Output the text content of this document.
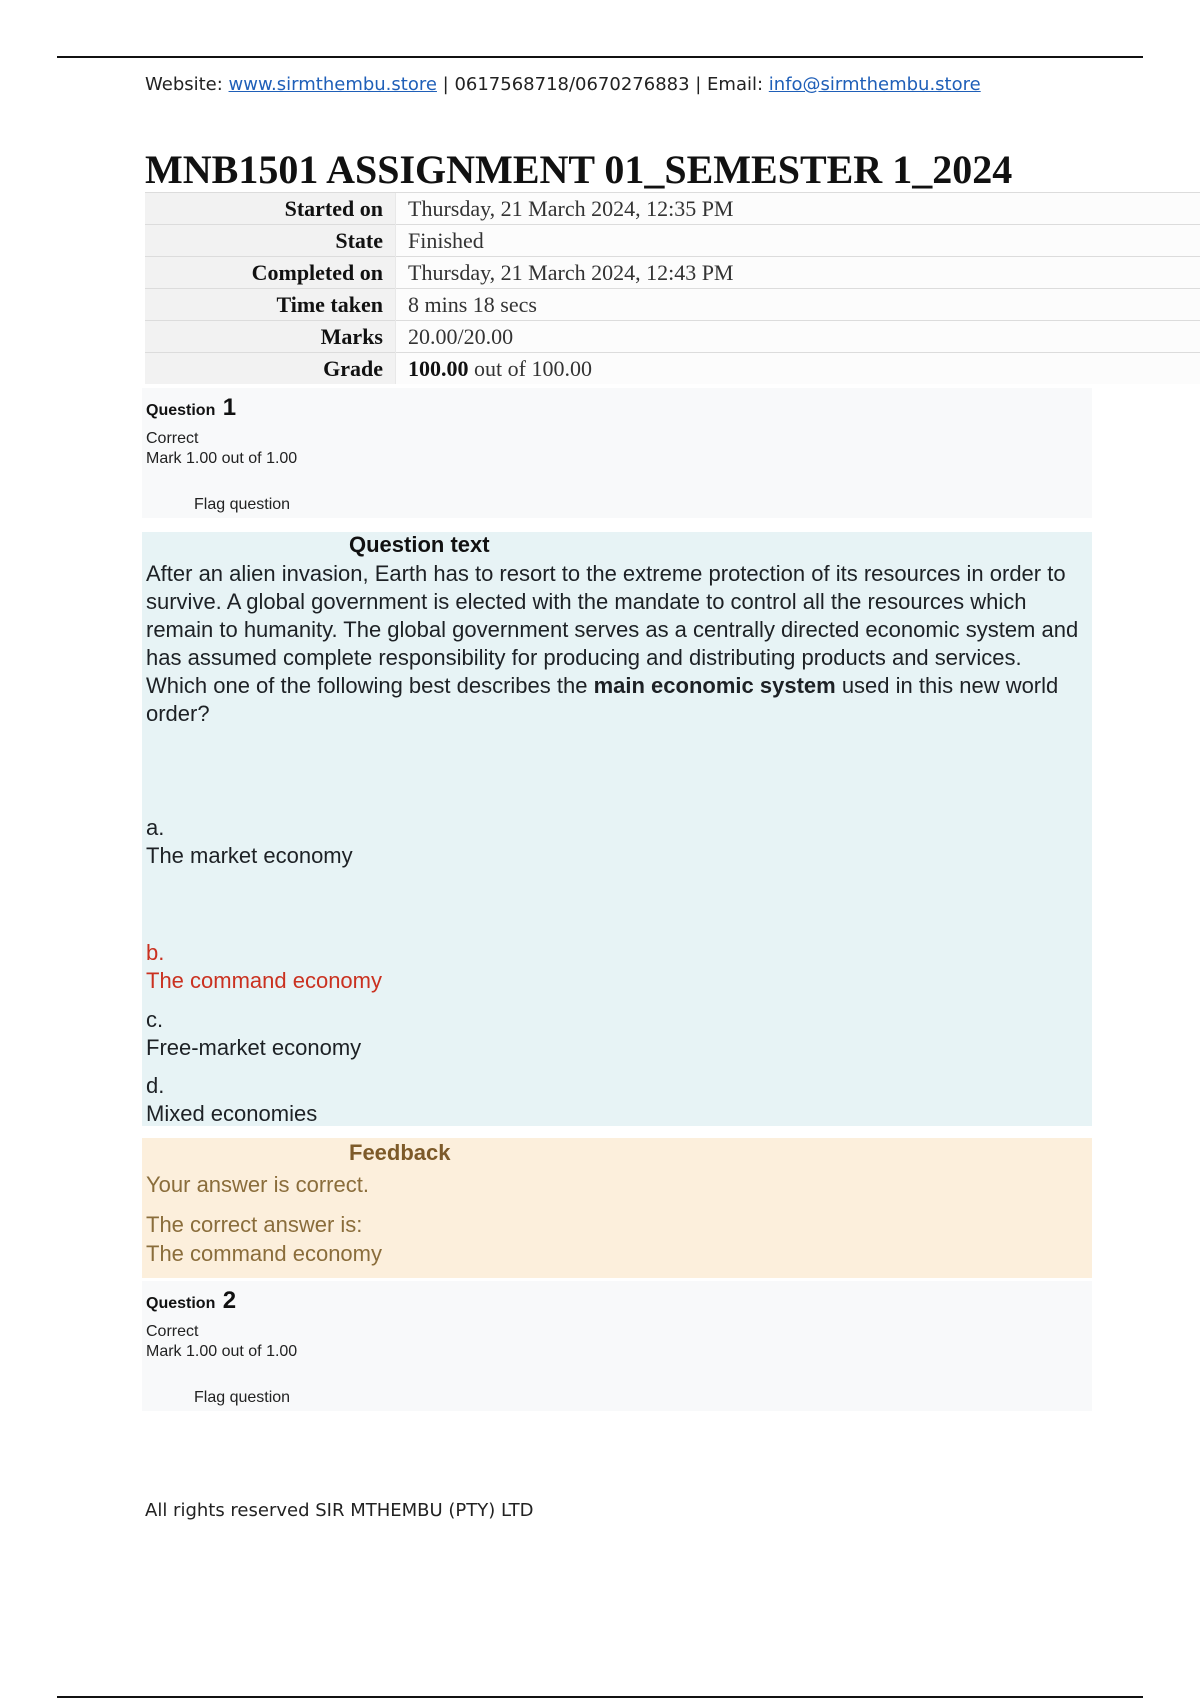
Website: www.sirmthembu.store | 0617568718/0670276883 | Email: info@sirmthembu.store
MNB1501 ASSIGNMENT 01_SEMESTER 1_2024
Started on	Thursday, 21 March 2024, 12:35 PM
State	Finished
Completed on	Thursday, 21 March 2024, 12:43 PM
Time taken	8 mins 18 secs
Marks	20.00/20.00
Grade	100.00 out of 100.00
Question 1
Correct
Mark 1.00 out of 1.00
Flag question
Question text
After an alien invasion, Earth has to resort to the extreme protection of its resources in order to survive. A global government is elected with the mandate to control all the resources which remain to humanity. The global government serves as a centrally directed economic system and has assumed complete responsibility for producing and distributing products and services. Which one of the following best describes the main economic system used in this new world order?
a.
The market economy
b.
The command economy
c.
Free-market economy
d.
Mixed economies
Feedback
Your answer is correct.
The correct answer is:
The command economy
Question 2
Correct
Mark 1.00 out of 1.00
Flag question
All rights reserved SIR MTHEMBU (PTY) LTD
